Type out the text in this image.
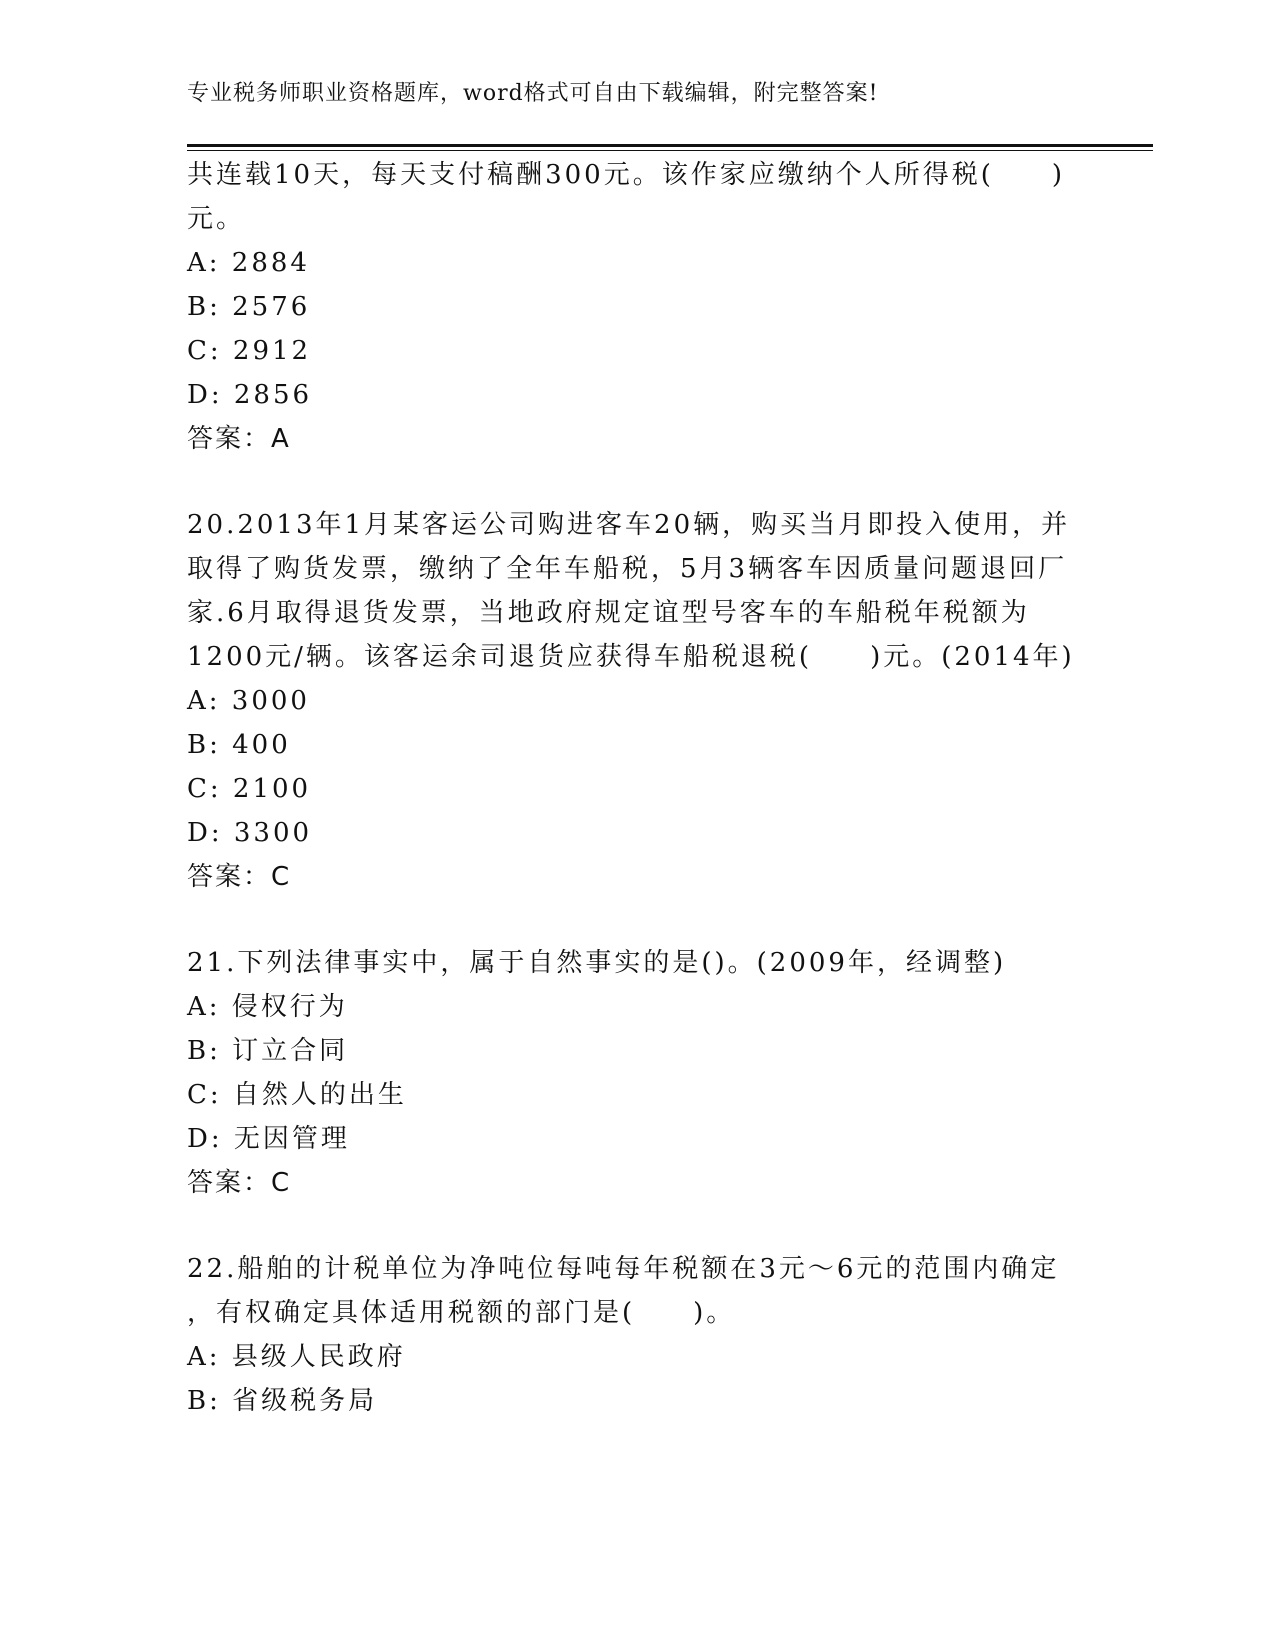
专业税务师职业资格题库，word格式可自由下载编辑，附完整答案!
共连载10天，每天支付稿酬300元。该作家应缴纳个人所得税(　　)
元。
A: 2884
B: 2576
C: 2912
D: 2856
答案：A
20.2013年1月某客运公司购进客车20辆，购买当月即投入使用，并
取得了购货发票，缴纳了全年车船税，5月3辆客车因质量问题退回厂
家.6月取得退货发票，当地政府规定谊型号客车的车船税年税额为
1200元/辆。该客运余司退货应获得车船税退税(　　)元。(2014年)
A: 3000
B: 400
C: 2100
D: 3300
答案：C
21.下列法律事实中，属于自然事实的是()。(2009年，经调整)
A: 侵权行为
B: 订立合同
C: 自然人的出生
D: 无因管理
答案：C
22.船舶的计税单位为净吨位每吨每年税额在3元～6元的范围内确定
，有权确定具体适用税额的部门是(　　)。
A: 县级人民政府
B: 省级税务局
